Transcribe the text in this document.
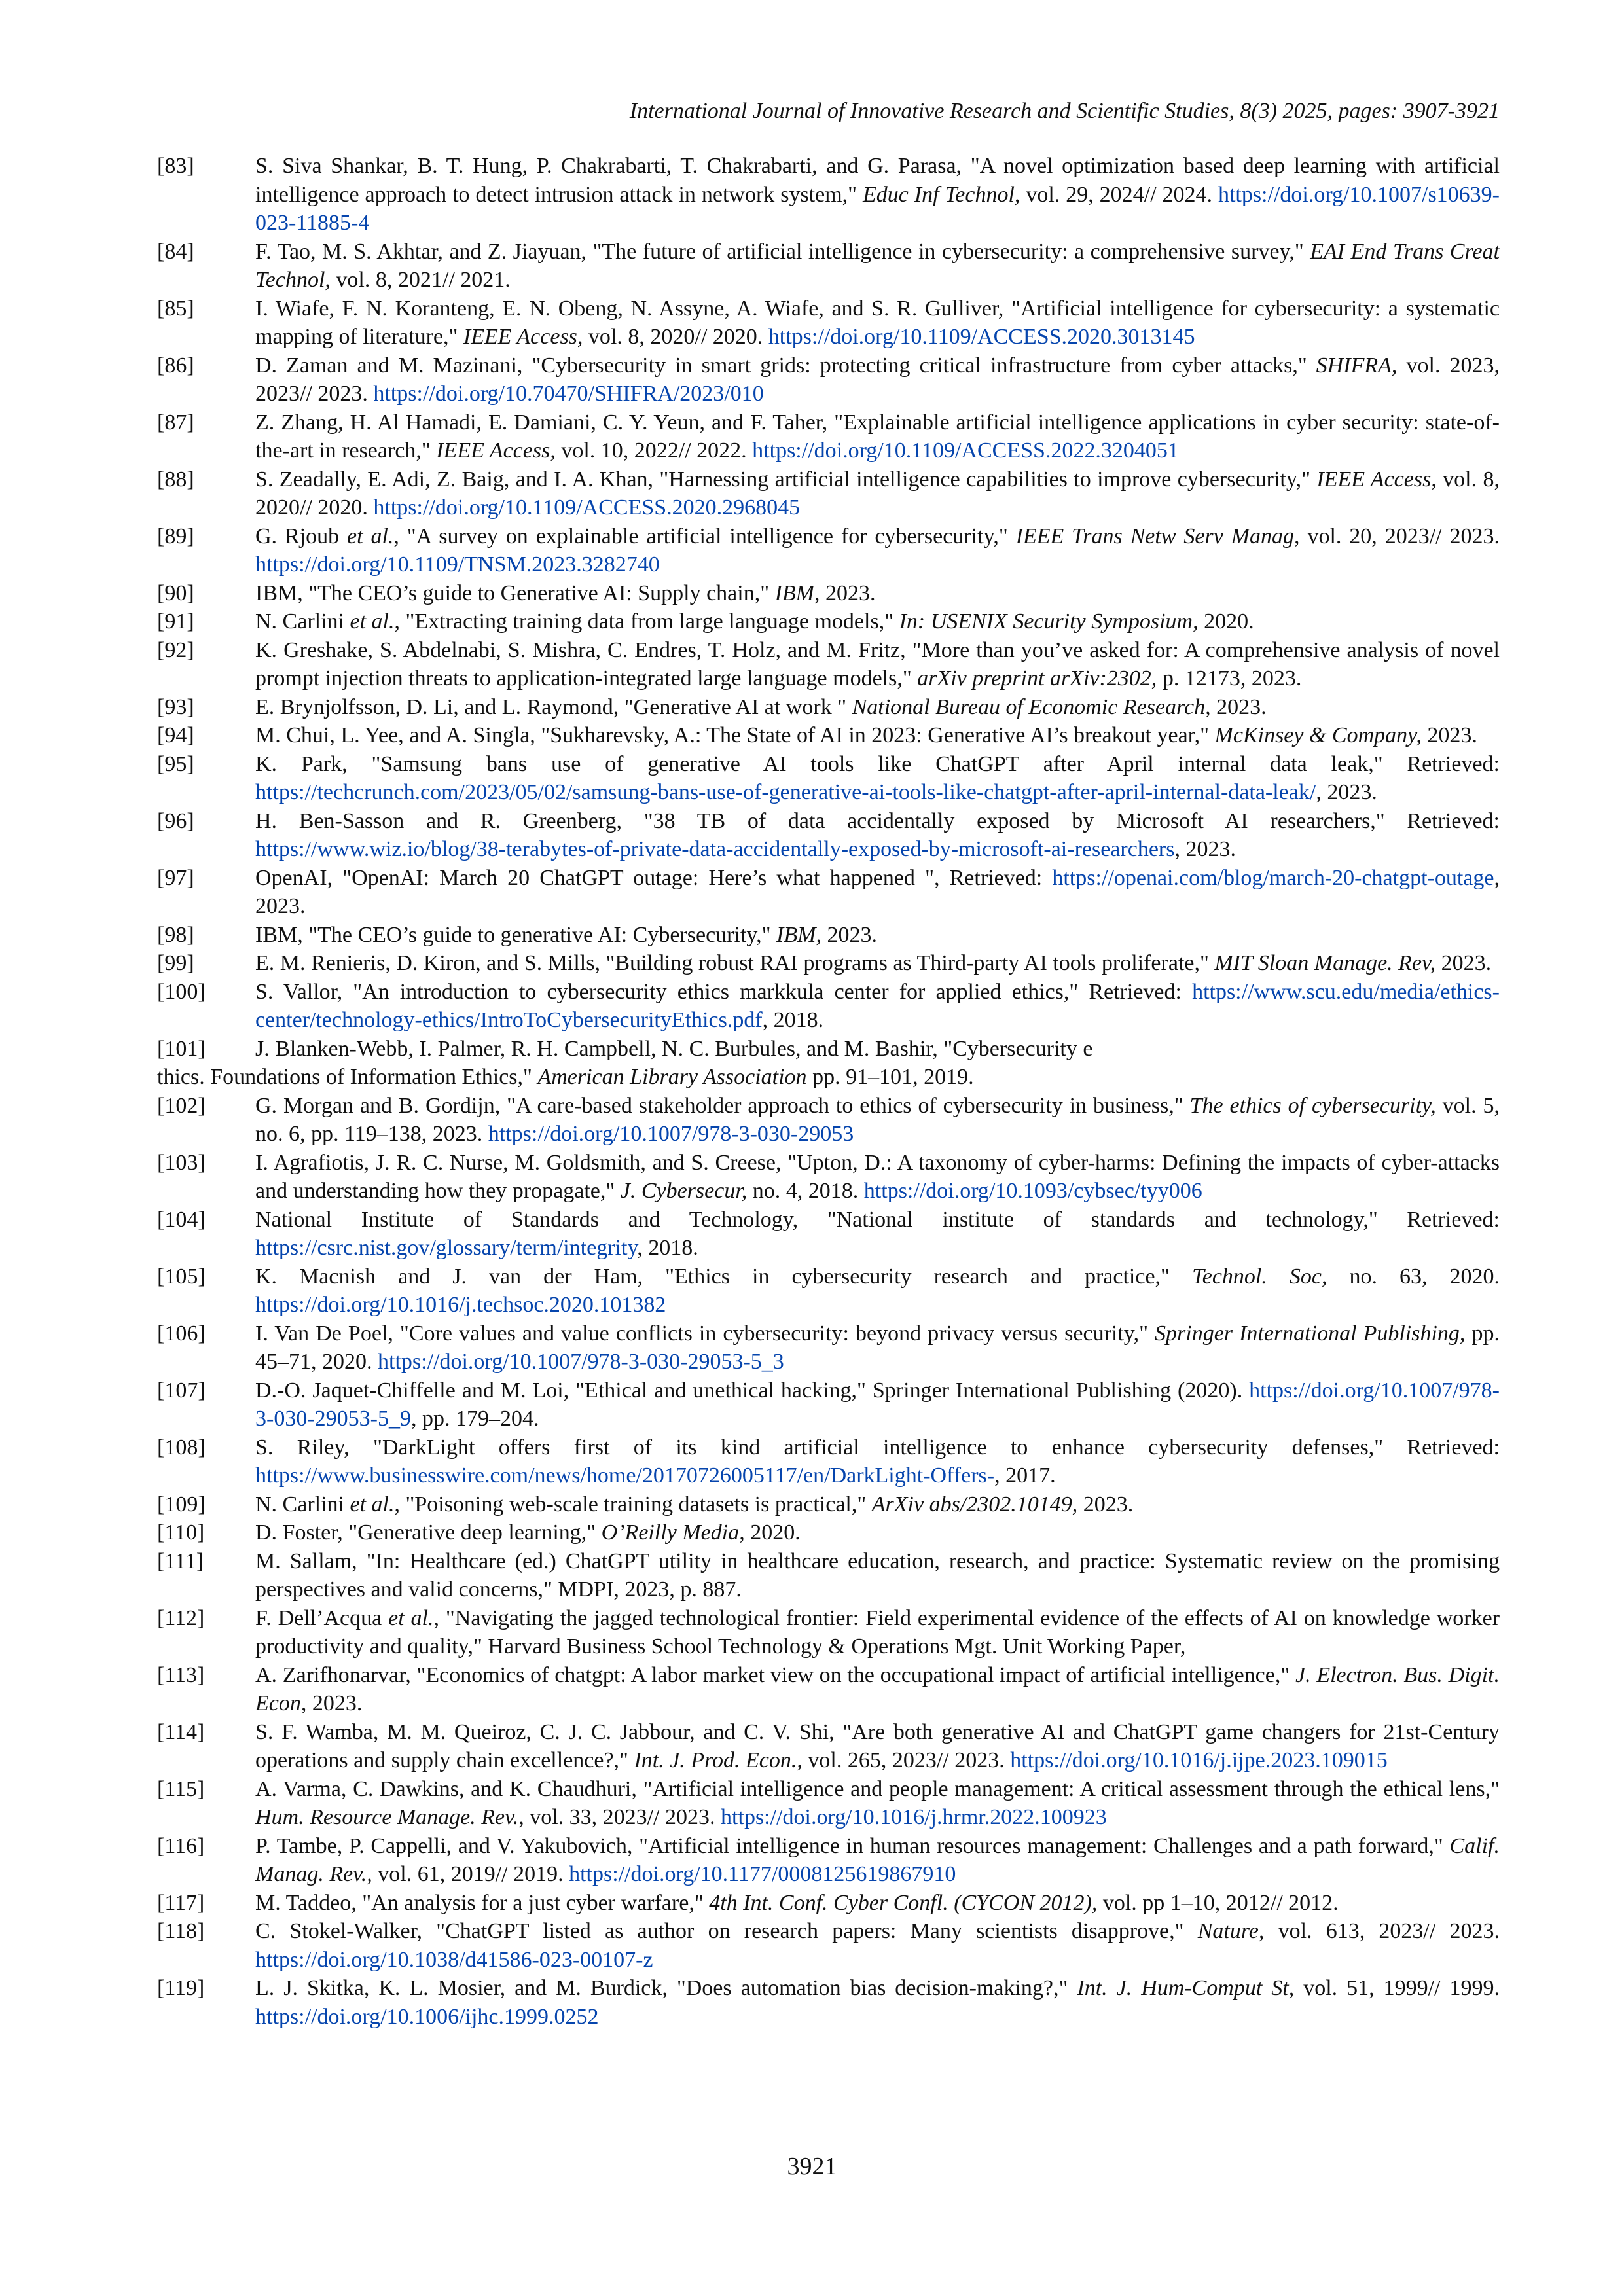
International Journal of Innovative Research and Scientific Studies, 8(3) 2025, pages: 3907-3921
[83]	S. Siva Shankar, B. T. Hung, P. Chakrabarti, T. Chakrabarti, and G. Parasa, "A novel optimization based deep learning with artificial intelligence approach to detect intrusion attack in network system," Educ Inf Technol, vol. 29, 2024// 2024. https://doi.org/10.1007/s10639-023-11885-4
[84]	F. Tao, M. S. Akhtar, and Z. Jiayuan, "The future of artificial intelligence in cybersecurity: a comprehensive survey," EAI End Trans Creat Technol, vol. 8, 2021// 2021.
[85]	I. Wiafe, F. N. Koranteng, E. N. Obeng, N. Assyne, A. Wiafe, and S. R. Gulliver, "Artificial intelligence for cybersecurity: a systematic mapping of literature," IEEE Access, vol. 8, 2020// 2020. https://doi.org/10.1109/ACCESS.2020.3013145
[86]	D. Zaman and M. Mazinani, "Cybersecurity in smart grids: protecting critical infrastructure from cyber attacks," SHIFRA, vol. 2023, 2023// 2023. https://doi.org/10.70470/SHIFRA/2023/010
[87]	Z. Zhang, H. Al Hamadi, E. Damiani, C. Y. Yeun, and F. Taher, "Explainable artificial intelligence applications in cyber security: state-of-the-art in research," IEEE Access, vol. 10, 2022// 2022. https://doi.org/10.1109/ACCESS.2022.3204051
[88]	S. Zeadally, E. Adi, Z. Baig, and I. A. Khan, "Harnessing artificial intelligence capabilities to improve cybersecurity," IEEE Access, vol. 8, 2020// 2020. https://doi.org/10.1109/ACCESS.2020.2968045
[89]	G. Rjoub et al., "A survey on explainable artificial intelligence for cybersecurity," IEEE Trans Netw Serv Manag, vol. 20, 2023// 2023. https://doi.org/10.1109/TNSM.2023.3282740
[90]	IBM, "The CEO’s guide to Generative AI: Supply chain," IBM, 2023.
[91]	N. Carlini et al., "Extracting training data from large language models," In: USENIX Security Symposium, 2020.
[92]	K. Greshake, S. Abdelnabi, S. Mishra, C. Endres, T. Holz, and M. Fritz, "More than you’ve asked for: A comprehensive analysis of novel prompt injection threats to application-integrated large language models," arXiv preprint arXiv:2302, p. 12173, 2023.
[93]	E. Brynjolfsson, D. Li, and L. Raymond, "Generative AI at work " National Bureau of Economic Research, 2023.
[94]	M. Chui, L. Yee, and A. Singla, "Sukharevsky, A.: The State of AI in 2023: Generative AI’s breakout year," McKinsey & Company, 2023.
[95]	K. Park, "Samsung bans use of generative AI tools like ChatGPT after April internal data leak," Retrieved: https://techcrunch.com/2023/05/02/samsung-bans-use-of-generative-ai-tools-like-chatgpt-after-april-internal-data-leak/, 2023.
[96]	H. Ben-Sasson and R. Greenberg, "38 TB of data accidentally exposed by Microsoft AI researchers," Retrieved: https://www.wiz.io/blog/38-terabytes-of-private-data-accidentally-exposed-by-microsoft-ai-researchers, 2023.
[97]	OpenAI, "OpenAI: March 20 ChatGPT outage: Here’s what happened ", Retrieved: https://openai.com/blog/march-20-chatgpt-outage, 2023.
[98]	IBM, "The CEO’s guide to generative AI: Cybersecurity," IBM, 2023.
[99]	E. M. Renieris, D. Kiron, and S. Mills, "Building robust RAI programs as Third-party AI tools proliferate," MIT Sloan Manage. Rev, 2023.
[100]	S. Vallor, "An introduction to cybersecurity ethics markkula center for applied ethics," Retrieved: https://www.scu.edu/media/ethics-center/technology-ethics/IntroToCybersecurityEthics.pdf, 2018.
[101]	J. Blanken-Webb, I. Palmer, R. H. Campbell, N. C. Burbules, and M. Bashir, "Cybersecurity e
thics. Foundations of Information Ethics," American Library Association pp. 91–101, 2019.
[102]	G. Morgan and B. Gordijn, "A care-based stakeholder approach to ethics of cybersecurity in business," The ethics of cybersecurity, vol. 5, no. 6, pp. 119–138, 2023. https://doi.org/10.1007/978-3-030-29053
[103]	I. Agrafiotis, J. R. C. Nurse, M. Goldsmith, and S. Creese, "Upton, D.: A taxonomy of cyber-harms: Defining the impacts of cyber-attacks and understanding how they propagate," J. Cybersecur, no. 4, 2018. https://doi.org/10.1093/cybsec/tyy006
[104]	National Institute of Standards and Technology, "National institute of standards and technology," Retrieved: https://csrc.nist.gov/glossary/term/integrity, 2018.
[105]	K. Macnish and J. van der Ham, "Ethics in cybersecurity research and practice," Technol. Soc, no. 63, 2020. https://doi.org/10.1016/j.techsoc.2020.101382
[106]	I. Van De Poel, "Core values and value conflicts in cybersecurity: beyond privacy versus security," Springer International Publishing, pp. 45–71, 2020. https://doi.org/10.1007/978-3-030-29053-5_3
[107]	D.-O. Jaquet-Chiffelle and M. Loi, "Ethical and unethical hacking," Springer International Publishing (2020). https://doi.org/10.1007/978-3-030-29053-5_9, pp. 179–204.
[108]	S. Riley, "DarkLight offers first of its kind artificial intelligence to enhance cybersecurity defenses," Retrieved: https://www.businesswire.com/news/home/20170726005117/en/DarkLight-Offers-, 2017.
[109]	N. Carlini et al., "Poisoning web-scale training datasets is practical," ArXiv abs/2302.10149, 2023.
[110]	D. Foster, "Generative deep learning," O’Reilly Media, 2020.
[111]	M. Sallam, "In: Healthcare (ed.) ChatGPT utility in healthcare education, research, and practice: Systematic review on the promising perspectives and valid concerns," MDPI, 2023, p. 887.
[112]	F. Dell’Acqua et al., "Navigating the jagged technological frontier: Field experimental evidence of the effects of AI on knowledge worker productivity and quality," Harvard Business School Technology & Operations Mgt. Unit Working Paper,
[113]	A. Zarifhonarvar, "Economics of chatgpt: A labor market view on the occupational impact of artificial intelligence," J. Electron. Bus. Digit. Econ, 2023.
[114]	S. F. Wamba, M. M. Queiroz, C. J. C. Jabbour, and C. V. Shi, "Are both generative AI and ChatGPT game changers for 21st-Century operations and supply chain excellence?," Int. J. Prod. Econ., vol. 265, 2023// 2023. https://doi.org/10.1016/j.ijpe.2023.109015
[115]	A. Varma, C. Dawkins, and K. Chaudhuri, "Artificial intelligence and people management: A critical assessment through the ethical lens," Hum. Resource Manage. Rev., vol. 33, 2023// 2023. https://doi.org/10.1016/j.hrmr.2022.100923
[116]	P. Tambe, P. Cappelli, and V. Yakubovich, "Artificial intelligence in human resources management: Challenges and a path forward," Calif. Manag. Rev., vol. 61, 2019// 2019. https://doi.org/10.1177/0008125619867910
[117]	M. Taddeo, "An analysis for a just cyber warfare," 4th Int. Conf. Cyber Confl. (CYCON 2012), vol. pp 1–10, 2012// 2012.
[118]	C. Stokel-Walker, "ChatGPT listed as author on research papers: Many scientists disapprove," Nature, vol. 613, 2023// 2023. https://doi.org/10.1038/d41586-023-00107-z
[119]	L. J. Skitka, K. L. Mosier, and M. Burdick, "Does automation bias decision-making?," Int. J. Hum-Comput St, vol. 51, 1999// 1999. https://doi.org/10.1006/ijhc.1999.0252
3921
